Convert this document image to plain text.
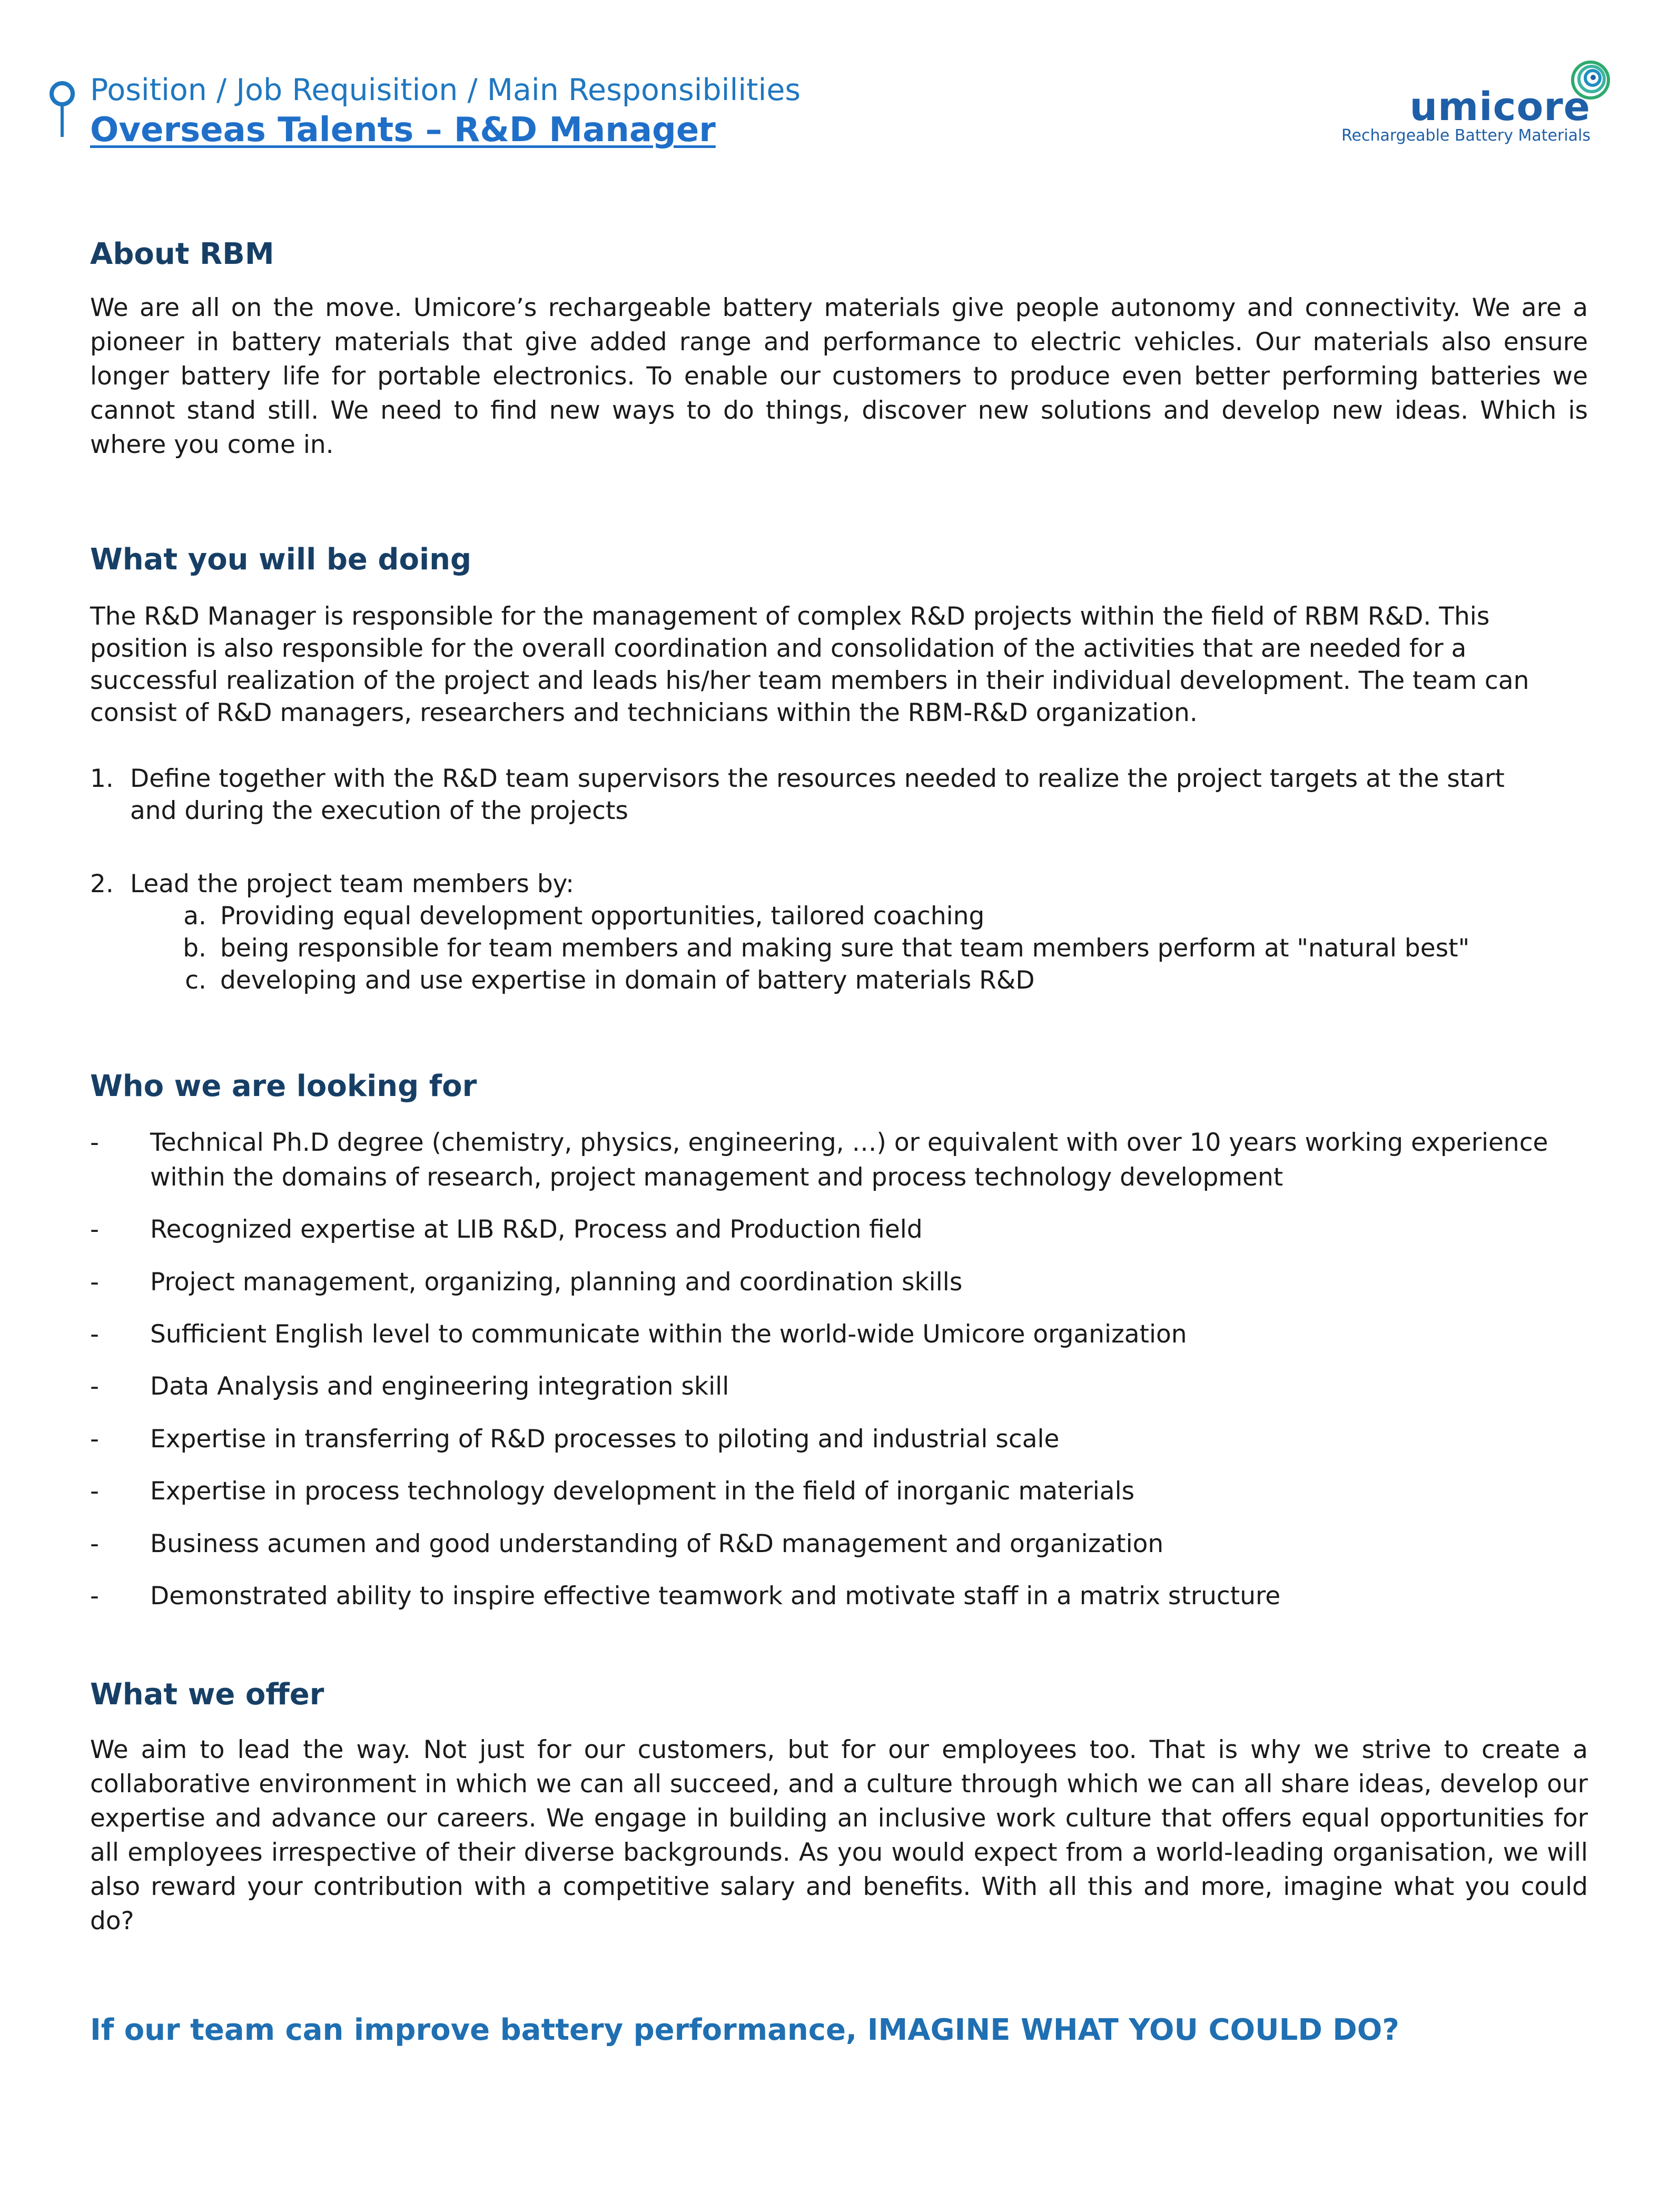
Position / Job Requisition / Main Responsibilities
Overseas Talents – R&D Manager
umicore
Rechargeable Battery Materials
About RBM
We are all on the move. Umicore’s rechargeable battery materials give people autonomy and connectivity. We are a pioneer in battery materials that give added range and performance to electric vehicles. Our materials also ensure longer battery life for portable electronics. To enable our customers to produce even better performing batteries we cannot stand still. We need to find new ways to do things, discover new solutions and develop new ideas. Which is where you come in.
What you will be doing
The R&D Manager is responsible for the management of complex R&D projects within the field of RBM R&D. This position is also responsible for the overall coordination and consolidation of the activities that are needed for a successful realization of the project and leads his/her team members in their individual development. The team can consist of R&D managers, researchers and technicians within the RBM-R&D organization.
1. Define together with the R&D team supervisors the resources needed to realize the project targets at the start and during the execution of the projects
2. Lead the project team members by:
a. Providing equal development opportunities, tailored coaching
b. being responsible for team members and making sure that team members perform at "natural best"
c. developing and use expertise in domain of battery materials R&D
Who we are looking for
- Technical Ph.D degree (chemistry, physics, engineering, …) or equivalent with over 10 years working experience within the domains of research, project management and process technology development
- Recognized expertise at LIB R&D, Process and Production field
- Project management, organizing, planning and coordination skills
- Sufficient English level to communicate within the world-wide Umicore organization
- Data Analysis and engineering integration skill
- Expertise in transferring of R&D processes to piloting and industrial scale
- Expertise in process technology development in the field of inorganic materials
- Business acumen and good understanding of R&D management and organization
- Demonstrated ability to inspire effective teamwork and motivate staff in a matrix structure
What we offer
We aim to lead the way. Not just for our customers, but for our employees too. That is why we strive to create a collaborative environment in which we can all succeed, and a culture through which we can all share ideas, develop our expertise and advance our careers. We engage in building an inclusive work culture that offers equal opportunities for all employees irrespective of their diverse backgrounds. As you would expect from a world-leading organisation, we will also reward your contribution with a competitive salary and benefits. With all this and more, imagine what you could do?
If our team can improve battery performance, IMAGINE WHAT YOU COULD DO?
